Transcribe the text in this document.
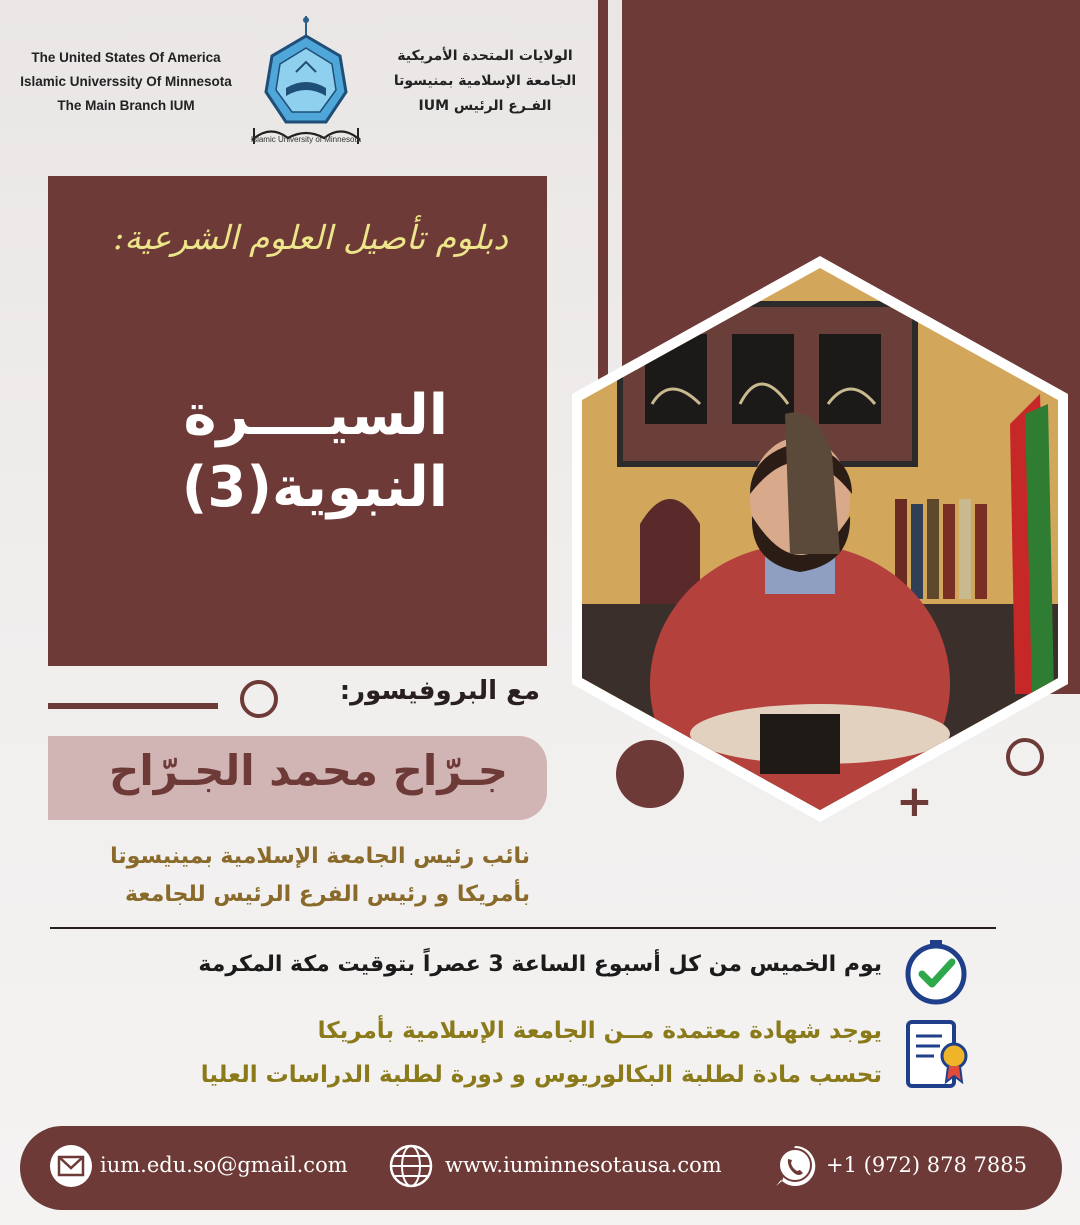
The United States Of America
Islamic Universsity Of Minnesota
The Main Branch IUM
Islamic University of Minnesota
الولايات المتحدة الأمريكية
الجامعة الإسلامية بمنيسوتا
الفـرع الرئيس IUM
دبلوم تأصيل العلوم الشرعية:
السيــــرة
النبوية(3)
مع البروفيسور:
جـرّاح محمد الجـرّاح
نائب رئيس الجامعة الإسلامية بمينيسوتا
بأمريكا و رئيس الفرع الرئيس للجامعة
+
يوم الخميس من كل أسبوع الساعة 3 عصراً بتوقيت مكة المكرمة
يوجد شهادة معتمدة مــن الجامعة الإسلامية بأمريكا
تحسب مادة لطلبة البكالوريوس و دورة لطلبة الدراسات العليا
ium.edu.so@gmail.com	www.iuminnesotausa.com	+1 (972) 878 7885
